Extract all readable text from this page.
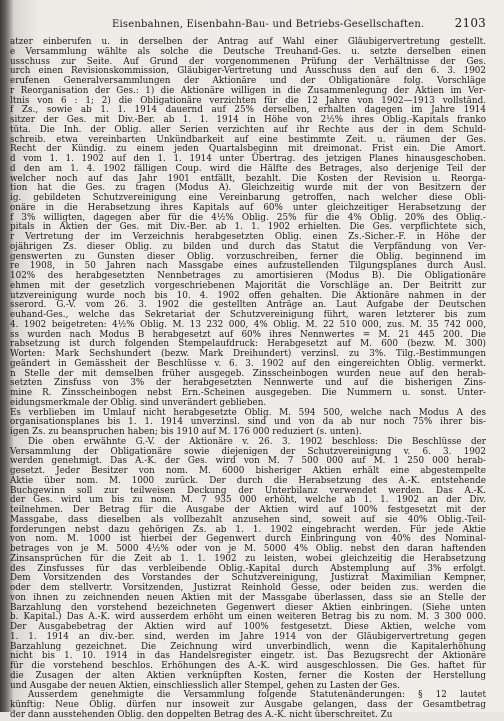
Eisenbahnen, Eisenbahn-Bau- und Betriebs-Gesellschaften.	2103
atzer einberufen u. in derselben der Antrag auf Wahl einer Gläubigervertretung gestellt.
e Versammlung wählte als solche die Deutsche Treuhand-Ges. u. setzte derselben einen
usschuss zur Seite. Auf Grund der vorgenommenen Prüfung der Verhältnisse der Ges.
urch einen Revisionskommission, Gläubiger-Vertretung und Ausschuss den auf den 6. 3. 1902
erufenen Generalversammlungen der Aktionäre und der Obligationäre folg. Vorschläge
r Reorganisation der Ges.: 1) die Aktionäre willigen in die Zusammenlegung der Aktien im Ver-
ltnis von 6 : 1; 2) die Obligationäre verzichten für die 12 Jahre von 1902—1913 vollständ.
f Zs., sowie ab 1. 1. 1914 dauernd auf 25% derselben, erhalten dagegen im Jahre 1914
sitzer der Ges. mit Div.-Ber. ab 1. 1. 1914 in Höhe von 2½% ihres Oblig.-Kapitals franko
tüta. Die Inh. der Oblig. aller Serien verzichten auf ihr Rechte aus der in dem Schuld-
schreib. etwa vereinbarten Unkündbarkeit auf eine bestimmte Zeit. u. räumen der Ges.
Recht der Kündig. zu einem jeden Quartalsbeginn mit dreimonat. Frist ein. Die Amort.
d vom 1. 1. 1902 auf den 1. 1. 1914 unter Übertrag. des jetzigen Planes hinausgeschoben.
d den am 1. 4. 1902 fälligen Coup. wird die Hälfte des Betrages, also derjenige Teil der
welcher noch auf das Jahr 1901 entfällt, bezahlt. Die Kosten der Revision u. Reorga-
tion hat die Ges. zu tragen (Modus A). Gleichzeitig wurde mit der von Besitzern der
ig. gebildeten Schutzvereinigung eine Vereinbarung getroffen, nach welcher diese Obli-
onäre in die Herabsetzung ihres Kapitals auf 60% unter gleichzeitiger Herabsetzung der
f 3% willigten, dagegen aber für die 4½% Oblig. 25% für die 4% Oblig. 20% des Oblig.-
pitals in Aktien der Ges. mit Div.-Ber. ab 1. 1. 1902 erhielten. Die Ges. verpflichtete sich,
r Vertretung der im Verzeichnis herabgesetzten Oblig. einen Zs.-Sicher.-F. in Höhe der
ojährigen Zs. dieser Oblig. zu bilden und durch das Statut die Verpfändung von Ver-
genswerten zu Gunsten dieser Oblig. vorzuschreiben, ferner die Oblig. beginnend im
re 1908, in 50 Jahren nach Massgabe eines aufzustellenden Tilgungsplanes durch Ausl.
102% des herabgesetzten Nennbetrages zu amortisieren (Modus B). Die Obligationäre
ehmen mit der gesetzlich vorgeschriebenen Majorität die Vorschläge an. Der Beitritt zur
utzvereinigung wurde noch bis 10. 4. 1902 offen gehalten. Die Aktionäre nahmen in der
sserord. G.-V. vom 26. 3. 1902 die gestellten Anträge an. Laut Aufgabe der Deutschen
euhand-Ges., welche das Sekretariat der Schutzvereinigung führt, waren letzterer bis zum
4. 1902 beigetreten: 4½% Oblig. M. 13 232 000, 4% Oblig. M. 22 510 000, zus. M. 35 742 000,
ss wurden nach Modus B herabgesetzt auf 60% ihres Nennwertes = M. 21 445 200. Die
rabsetzung ist durch folgenden Stempelaufdruck: Herabgesetzt auf M. 600 (bezw. M. 300)
Worten: Mark Sechshundert (bezw. Mark Dreihundert) verzinsl. zu 3%. Tilg.-Bestimmungen
geändert in Gemässheit der Beschlüsse v. 6. 3. 1902 auf den eingereichten Oblig. vermerkt.
n Stelle der mit demselben früher ausgegeb. Zinsscheinbogen wurden neue auf den herab-
setzten Zinsfuss von 3% der herabgesetzten Nennwerte und auf die bisherigen Zins-
mine R. Zinsscheinbogen nebst Ern.-Scheinen ausgegeben. Die Nummern u. sonst. Unter-
eidungsmerkmale der Oblig. sind unverändert geblieben.
Es verblieben im Umlauf nicht herabgesetzte Oblig. M. 594 500, welche nach Modus A des
organisationsplanes bis 1. 1. 1914 unverzinsl. sind und von da ab nur noch 75% ihrer bis-
igen Zs. zu beanspruchen haben; bis 1910 auf M. 176 000 reduziert (s. unten).
Die oben erwähnte G.-V. der Aktionäre v. 26. 3. 1902 beschloss: Die Beschlüsse der
Versammlung der Obligationäre sowie diejenigen der Schutzvereinigung v. 6. 3. 1902
werden genehmigt. Das A.-K. der Ges. wird von M. 7 500 000 auf M. 1 250 000 herab-
gesetzt. Jeder Besitzer von nom. M. 6000 bisheriger Aktien erhält eine abgestempelte
Aktie über nom. M. 1000 zurück. Der durch die Herabsetzung des A.-K. entstehende
Buchgewinn soll zur teilweisen Deckung der Unterbilanz verwendet werden. Das A.-K.
der Ges. wird um bis zu nom. M. 7 935 000 erhöht, welche ab 1. 1. 1902 an der Div.
teilnehmen. Der Betrag für die Ausgabe der Aktien wird auf 100% festgesetzt mit der
Massgabe, dass dieselben als vollbezahlt anzusehen sind, soweit auf sie 40% Oblig.-Teil-
forderungen nebst dazu gehörigen Zs. ab 1. 1. 1902 eingebracht werden. Für jede Aktie
von nom. M. 1000 ist hierbei der Gegenwert durch Einbringung von 40% des Nominal-
betrages von je M. 5000 4½% oder von je M. 5000 4% Oblig. nebst den daran haftenden
Zinsansprüchen für die Zeit ab 1. 1. 1902 zu leisten, wobei gleichzeitig die Herabsetzung
des Zinsfusses für das verbleibende Oblig.-Kapital durch Abstemplung auf 3% erfolgt.
Dem Vorsitzenden des Vorstandes der Schutzvereinigung, Justizrat Maximilian Kempner,
oder dem stellvertr. Vorsitzenden, Justizrat Reinhold Gesse, oder beiden zus. werden die
von ihnen zu zeichnenden neuen Aktien mit der Massgabe überlassen, dass sie an Stelle der
Barzahlung den vorstehend bezeichneten Gegenwert dieser Aktien einbringen. (Siehe unten
b. Kapital.) Das A.-K. wird ausserdem erhöht um einen weiteren Betrag bis zu nom. M. 3 300 000.
Der Ausgabebetrag der Aktien wird auf 100% festgesetzt. Diese Aktien, welche vom
1. 1. 1914 an div.-ber. sind, werden im Jahre 1914 von der Gläubigervertretung gegen
Barzahlung gezeichnet. Die Zeichnung wird unverbindlich, wenn die Kapitalerhöhung
nicht bis 1. 10. 1914 in das Handelsregister eingetr. ist. Das Bezugsrecht der Aktionäre
für die vorstehend beschlos. Erhöhungen des A.-K. wird ausgeschlossen. Die Ges. haftet für
die Zusagen der alten Aktien verknüpften Kosten, ferner die Kosten der Herstellung
und Ausgabe der neuen Aktien, einschliesslich aller Stempel, gehen zu Lasten der Ges.
Ausserdem genehmigte die Versammlung folgende Statutenänderungen: § 12 lautet
künftig: Neue Oblig. dürfen nur insoweit zur Ausgabe gelangen, dass der Gesamtbetrag
der dann ausstehenden Oblig. den doppelten Betrag des A.-K. nicht überschreitet. Zu
